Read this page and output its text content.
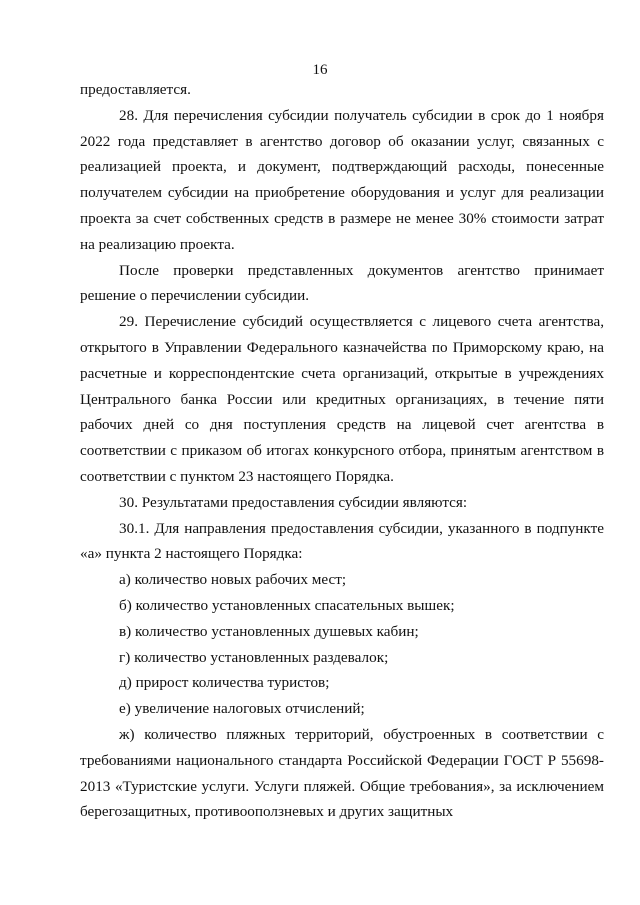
16

предоставляется.

28. Для перечисления субсидии получатель субсидии в срок до 1 ноября 2022 года представляет в агентство договор об оказании услуг, связанных с реализацией проекта, и документ, подтверждающий расходы, понесенные получателем субсидии на приобретение оборудования и услуг для реализации проекта за счет собственных средств в размере не менее 30% стоимости затрат на реализацию проекта.

После проверки представленных документов агентство принимает решение о перечислении субсидии.

29. Перечисление субсидий осуществляется с лицевого счета агентства, открытого в Управлении Федерального казначейства по Приморскому краю, на расчетные и корреспондентские счета организаций, открытые в учреждениях Центрального банка России или кредитных организациях, в течение пяти рабочих дней со дня поступления средств на лицевой счет агентства в соответствии с приказом об итогах конкурсного отбора, принятым агентством в соответствии с пунктом 23 настоящего Порядка.

30. Результатами предоставления субсидии являются:

30.1. Для направления предоставления субсидии, указанного в подпункте «а» пункта 2 настоящего Порядка:

а) количество новых рабочих мест;

б) количество установленных спасательных вышек;

в) количество установленных душевых кабин;

г) количество установленных раздевалок;

д) прирост количества туристов;

е) увеличение налоговых отчислений;

ж) количество пляжных территорий, обустроенных в соответствии с требованиями национального стандарта Российской Федерации ГОСТ Р 55698-2013 «Туристские услуги. Услуги пляжей. Общие требования», за исключением берегозащитных, противооползневых и других защитных
